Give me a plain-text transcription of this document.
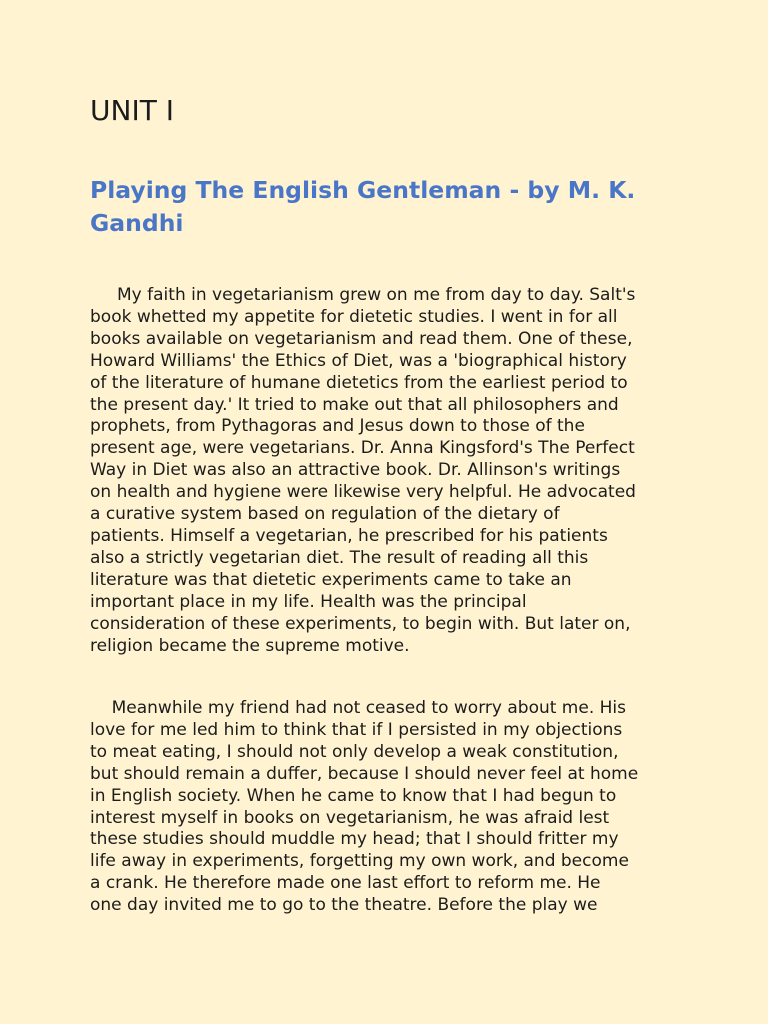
UNIT I
Playing The English Gentleman - by M. K.
Gandhi
My faith in vegetarianism grew on me from day to day. Salt's
book whetted my appetite for dietetic studies. I went in for all
books available on vegetarianism and read them. One of these,
Howard Williams' the Ethics of Diet, was a 'biographical history
of the literature of humane dietetics from the earliest period to
the present day.' It tried to make out that all philosophers and
prophets, from Pythagoras and Jesus down to those of the
present age, were vegetarians. Dr. Anna Kingsford's The Perfect
Way in Diet was also an attractive book. Dr. Allinson's writings
on health and hygiene were likewise very helpful. He advocated
a curative system based on regulation of the dietary of
patients. Himself a vegetarian, he prescribed for his patients
also a strictly vegetarian diet. The result of reading all this
literature was that dietetic experiments came to take an
important place in my life. Health was the principal
consideration of these experiments, to begin with. But later on,
religion became the supreme motive.
Meanwhile my friend had not ceased to worry about me. His
love for me led him to think that if I persisted in my objections
to meat eating, I should not only develop a weak constitution,
but should remain a duffer, because I should never feel at home
in English society. When he came to know that I had begun to
interest myself in books on vegetarianism, he was afraid lest
these studies should muddle my head; that I should fritter my
life away in experiments, forgetting my own work, and become
a crank. He therefore made one last effort to reform me. He
one day invited me to go to the theatre. Before the play we
